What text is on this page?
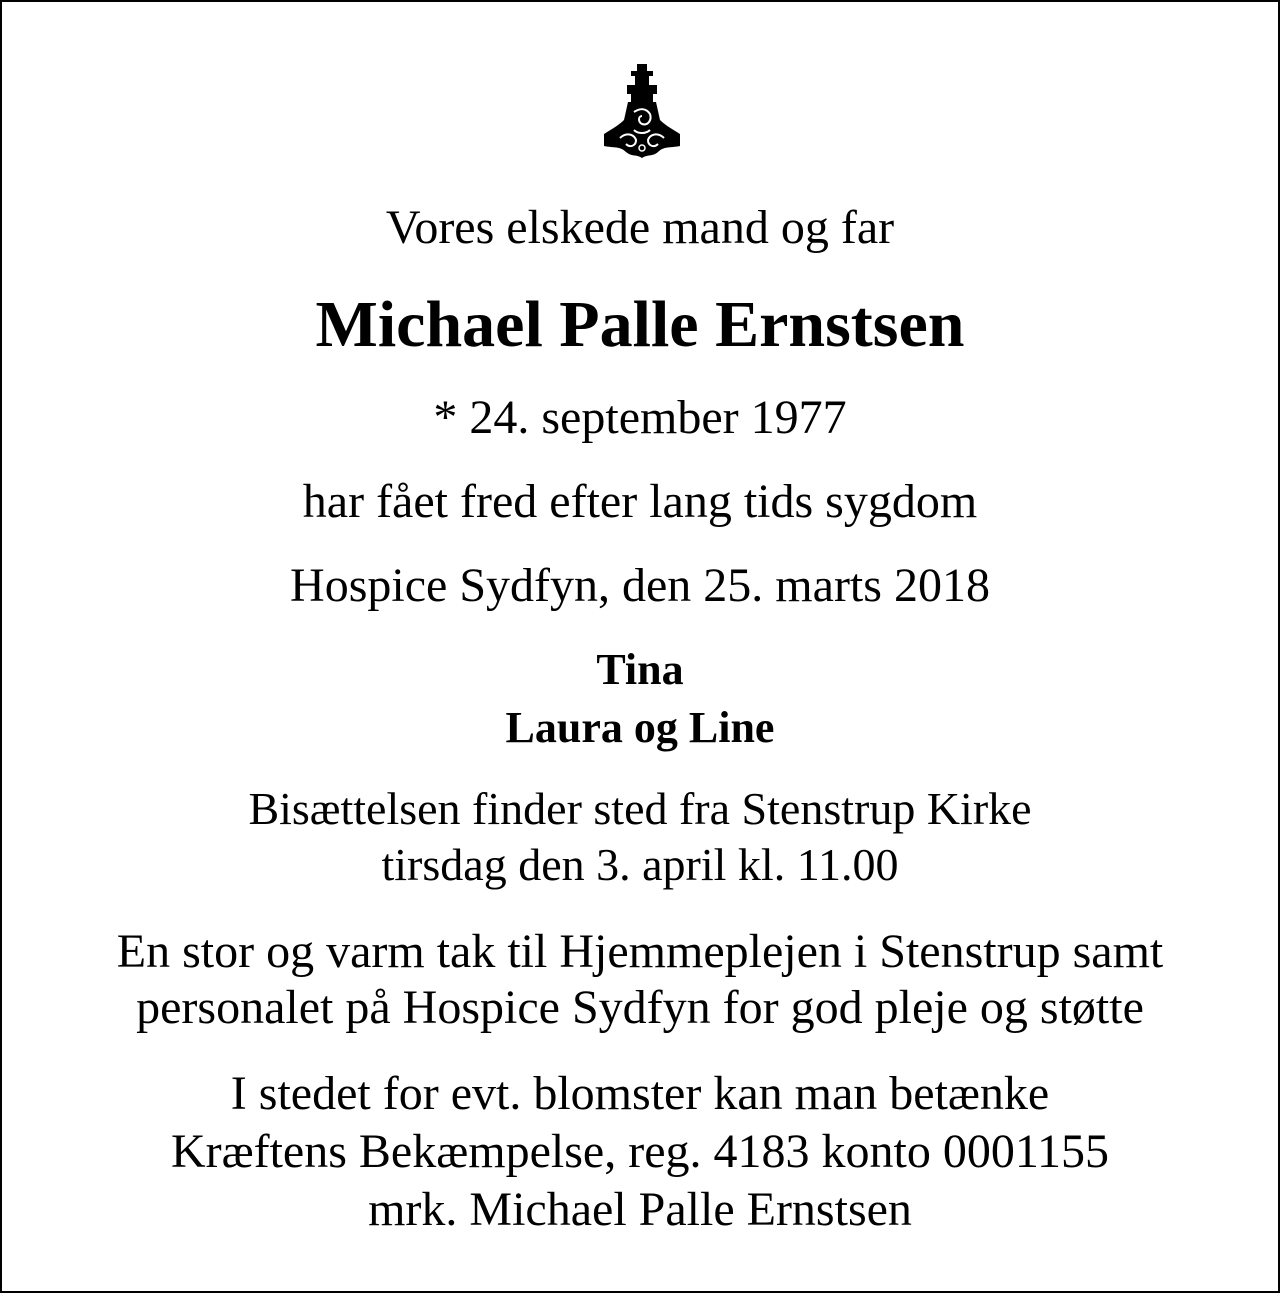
Vores elskede mand og far
Michael Palle Ernstsen
* 24. september 1977
har fået fred efter lang tids sygdom
Hospice Sydfyn, den 25. marts 2018
Tina
Laura og Line
Bisættelsen finder sted fra Stenstrup Kirke
tirsdag den 3. april kl. 11.00
En stor og varm tak til Hjemmeplejen i Stenstrup samt
personalet på Hospice Sydfyn for god pleje og støtte
I stedet for evt. blomster kan man betænke
Kræftens Bekæmpelse, reg. 4183 konto 0001155
mrk. Michael Palle Ernstsen
